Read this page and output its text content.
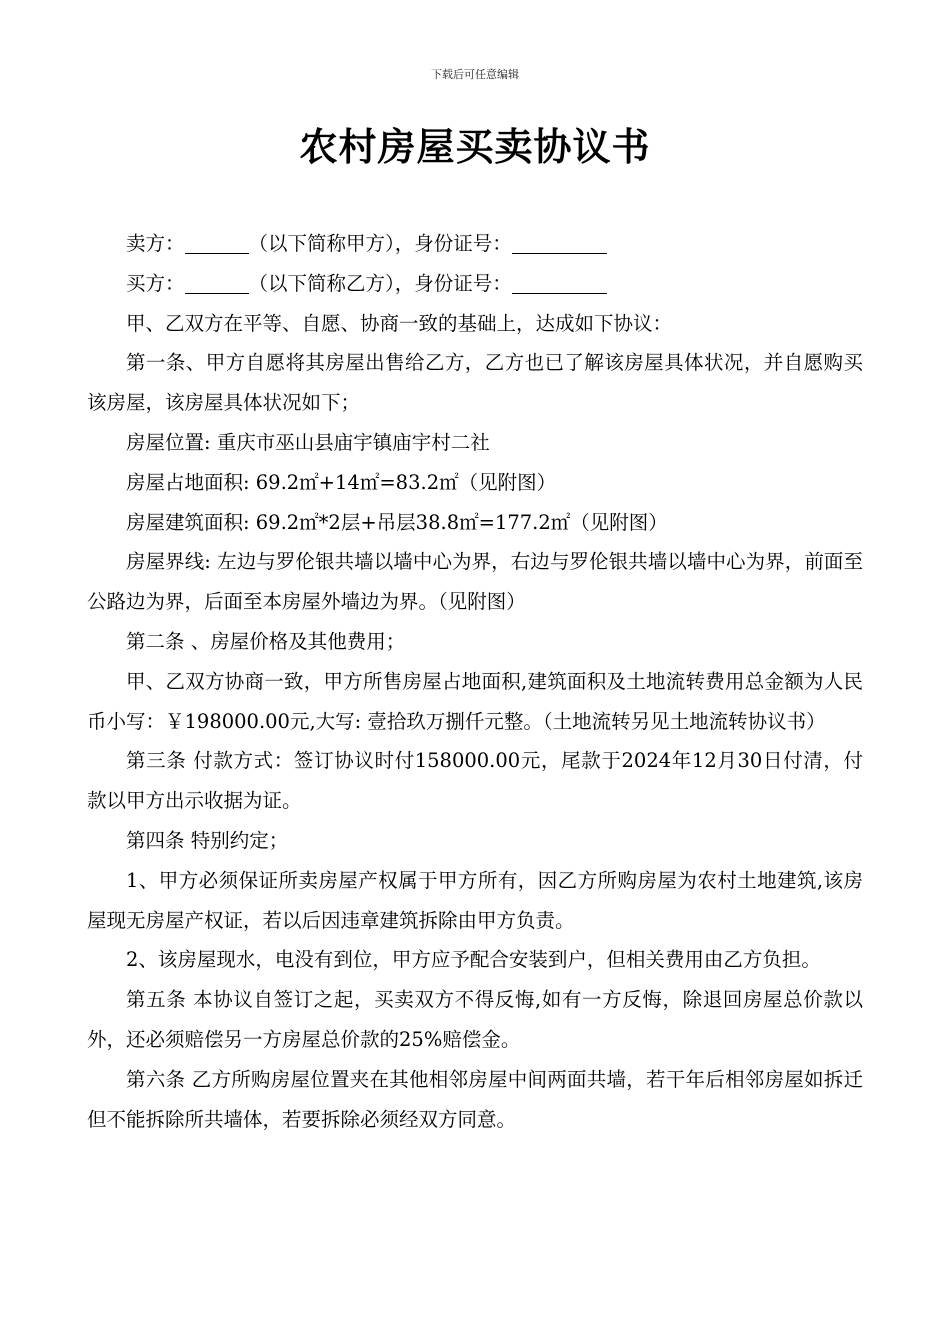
下载后可任意编辑
农村房屋买卖协议书

卖方：	（以下简称甲方），身份证号：

买方：	（以下简称乙方），身份证号：

甲、乙双方在平等、自愿、协商一致的基础上，达成如下协议：

第一条、甲方自愿将其房屋出售给乙方，乙方也已了解该房屋具体状况，并自愿购买该房屋，该房屋具体状况如下；

房屋位置: 重庆市巫山县庙宇镇庙宇村二社

房屋占地面积: 69.2㎡+14㎡=83.2㎡（见附图）

房屋建筑面积: 69.2㎡*2层+吊层38.8㎡=177.2㎡（见附图）

房屋界线: 左边与罗伦银共墙以墙中心为界，右边与罗伦银共墙以墙中心为界，前面至公路边为界，后面至本房屋外墙边为界。（见附图）

第二条 、房屋价格及其他费用；

甲、乙双方协商一致，甲方所售房屋占地面积,建筑面积及土地流转费用总金额为人民币小写：￥198000.00元,大写: 壹拾玖万捌仟元整。（土地流转另见土地流转协议书）

第三条 付款方式：签订协议时付158000.00元，尾款于2024年12月30日付清，付款以甲方出示收据为证。

第四条 特别约定；

1、甲方必须保证所卖房屋产权属于甲方所有，因乙方所购房屋为农村土地建筑,该房屋现无房屋产权证，若以后因违章建筑拆除由甲方负责。

2、该房屋现水，电没有到位，甲方应予配合安装到户，但相关费用由乙方负担。

第五条 本协议自签订之起，买卖双方不得反悔,如有一方反悔，除退回房屋总价款以外，还必须赔偿另一方房屋总价款的25%赔偿金。

第六条 乙方所购房屋位置夹在其他相邻房屋中间两面共墙，若干年后相邻房屋如拆迁但不能拆除所共墙体，若要拆除必须经双方同意。
